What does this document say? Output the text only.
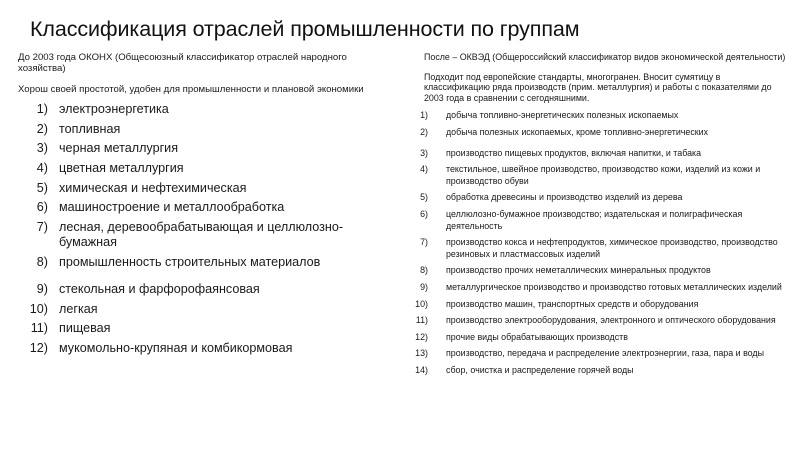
Классификация отраслей промышленности по группам

До 2003 года ОКОНХ (Общесоюзный классификатор отраслей народного хозяйства)

Хорош своей простотой, удобен для промышленности и плановой экономики

1) электроэнергетика
2) топливная
3) черная металлургия
4) цветная металлургия
5) химическая и нефтехимическая
6) машиностроение и металлообработка
7) лесная, деревообрабатывающая и целлюлозно-бумажная
8) промышленность строительных материалов
9) стекольная и фарфорофаянсовая
10) легкая
11) пищевая
12) мукомольно-крупяная и комбикормовая

После – ОКВЭД (Общероссийский классификатор видов экономической деятельности)

Подходит под европейские стандарты, многогранен. Вносит сумятицу в классификацию ряда производств (прим. металлургия) и работы с показателями до 2003 года в сравнении с сегодняшними.

1)	добыча топливно-энергетических полезных ископаемых
2)	добыча полезных ископаемых, кроме топливно-энергетических
3)	производство пищевых продуктов, включая напитки, и табака
4)	текстильное, швейное производство, производство кожи, изделий из кожи и производство обуви
5)	обработка древесины и производство изделий из дерева
6)	целлюлозно-бумажное производство; издательская и полиграфическая деятельность
7)	производство кокса и нефтепродуктов, химическое производство, производство резиновых и пластмассовых изделий
8)	производство прочих неметаллических минеральных продуктов
9)	металлургическое производство и производство готовых металлических изделий
10)	производство машин, транспортных средств и оборудования
11)	производство электрооборудования, электронного и оптического оборудования
12)	прочие виды обрабатывающих производств
13)	производство, передача и распределение электроэнергии, газа, пара и воды
14)	сбор, очистка и распределение горячей воды
